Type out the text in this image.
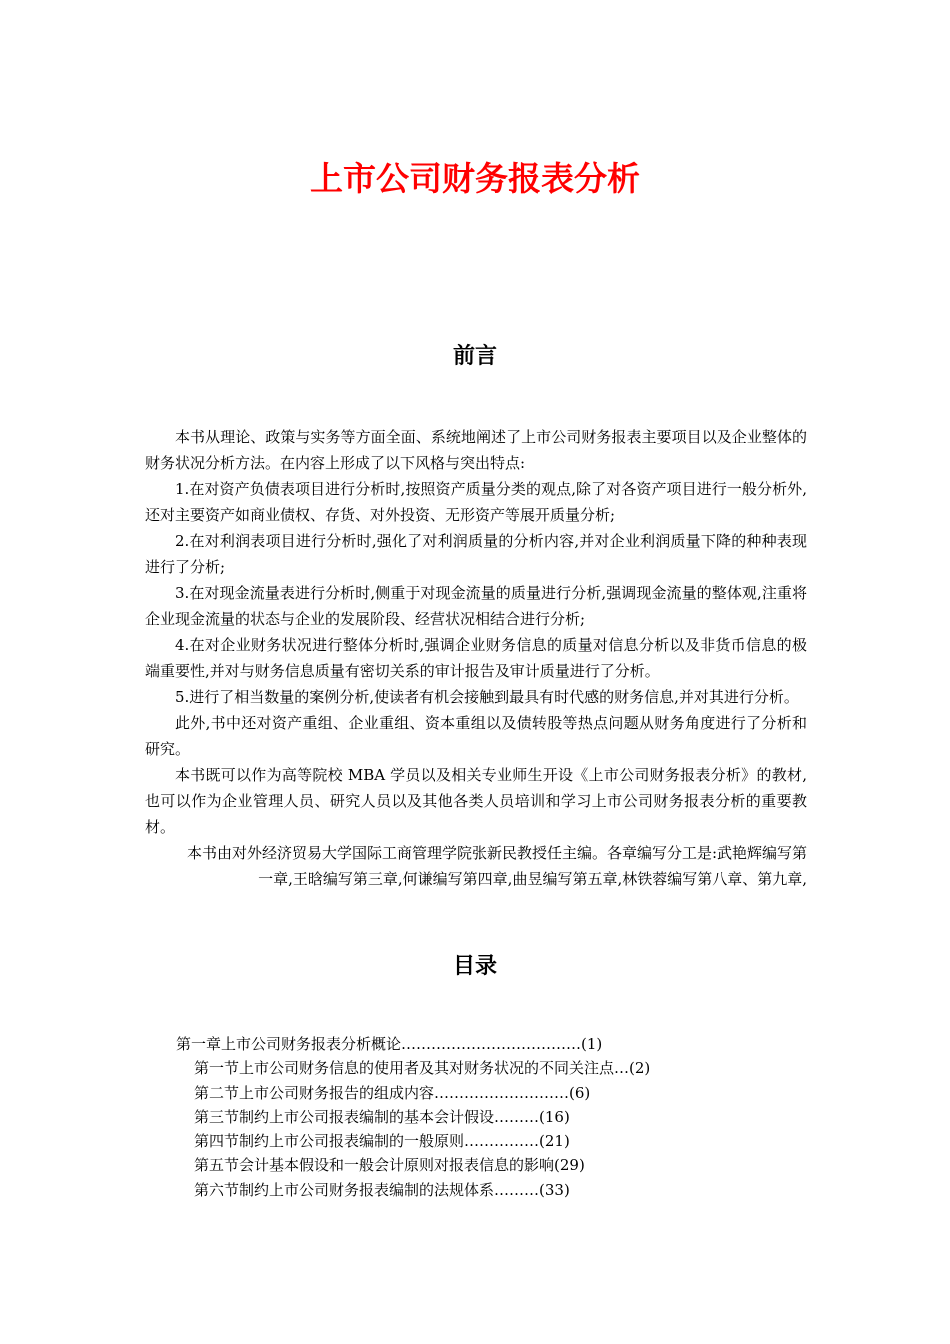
上市公司财务报表分析
前言

本书从理论、政策与实务等方面全面、系统地阐述了上市公司财务报表主要项目以及企业整体的财务状况分析方法。在内容上形成了以下风格与突出特点:

1.在对资产负债表项目进行分析时,按照资产质量分类的观点,除了对各资产项目进行一般分析外,还对主要资产如商业债权、存货、对外投资、无形资产等展开质量分析;

2.在对利润表项目进行分析时,强化了对利润质量的分析内容,并对企业利润质量下降的种种表现进行了分析;

3.在对现金流量表进行分析时,侧重于对现金流量的质量进行分析,强调现金流量的整体观,注重将企业现金流量的状态与企业的发展阶段、经营状况相结合进行分析;

4.在对企业财务状况进行整体分析时,强调企业财务信息的质量对信息分析以及非货币信息的极端重要性,并对与财务信息质量有密切关系的审计报告及审计质量进行了分析。

5.进行了相当数量的案例分析,使读者有机会接触到最具有时代感的财务信息,并对其进行分析。

此外,书中还对资产重组、企业重组、资本重组以及债转股等热点问题从财务角度进行了分析和研究。

本书既可以作为高等院校 MBA 学员以及相关专业师生开设《上市公司财务报表分析》的教材,也可以作为企业管理人员、研究人员以及其他各类人员培训和学习上市公司财务报表分析的重要教材。

本书由对外经济贸易大学国际工商管理学院张新民教授任主编。各章编写分工是:武艳辉编写第一章,王晗编写第三章,何谦编写第四章,曲昱编写第五章,林铁蓉编写第八章、第九章,

目录
第一章上市公司财务报表分析概论………………………………(1)
第一节上市公司财务信息的使用者及其对财务状况的不同关注点…(2)
第二节上市公司财务报告的组成内容………………………(6)
第三节制约上市公司报表编制的基本会计假设………(16)
第四节制约上市公司报表编制的一般原则……………(21)
第五节会计基本假设和一般会计原则对报表信息的影响(29)
第六节制约上市公司财务报表编制的法规体系………(33)
